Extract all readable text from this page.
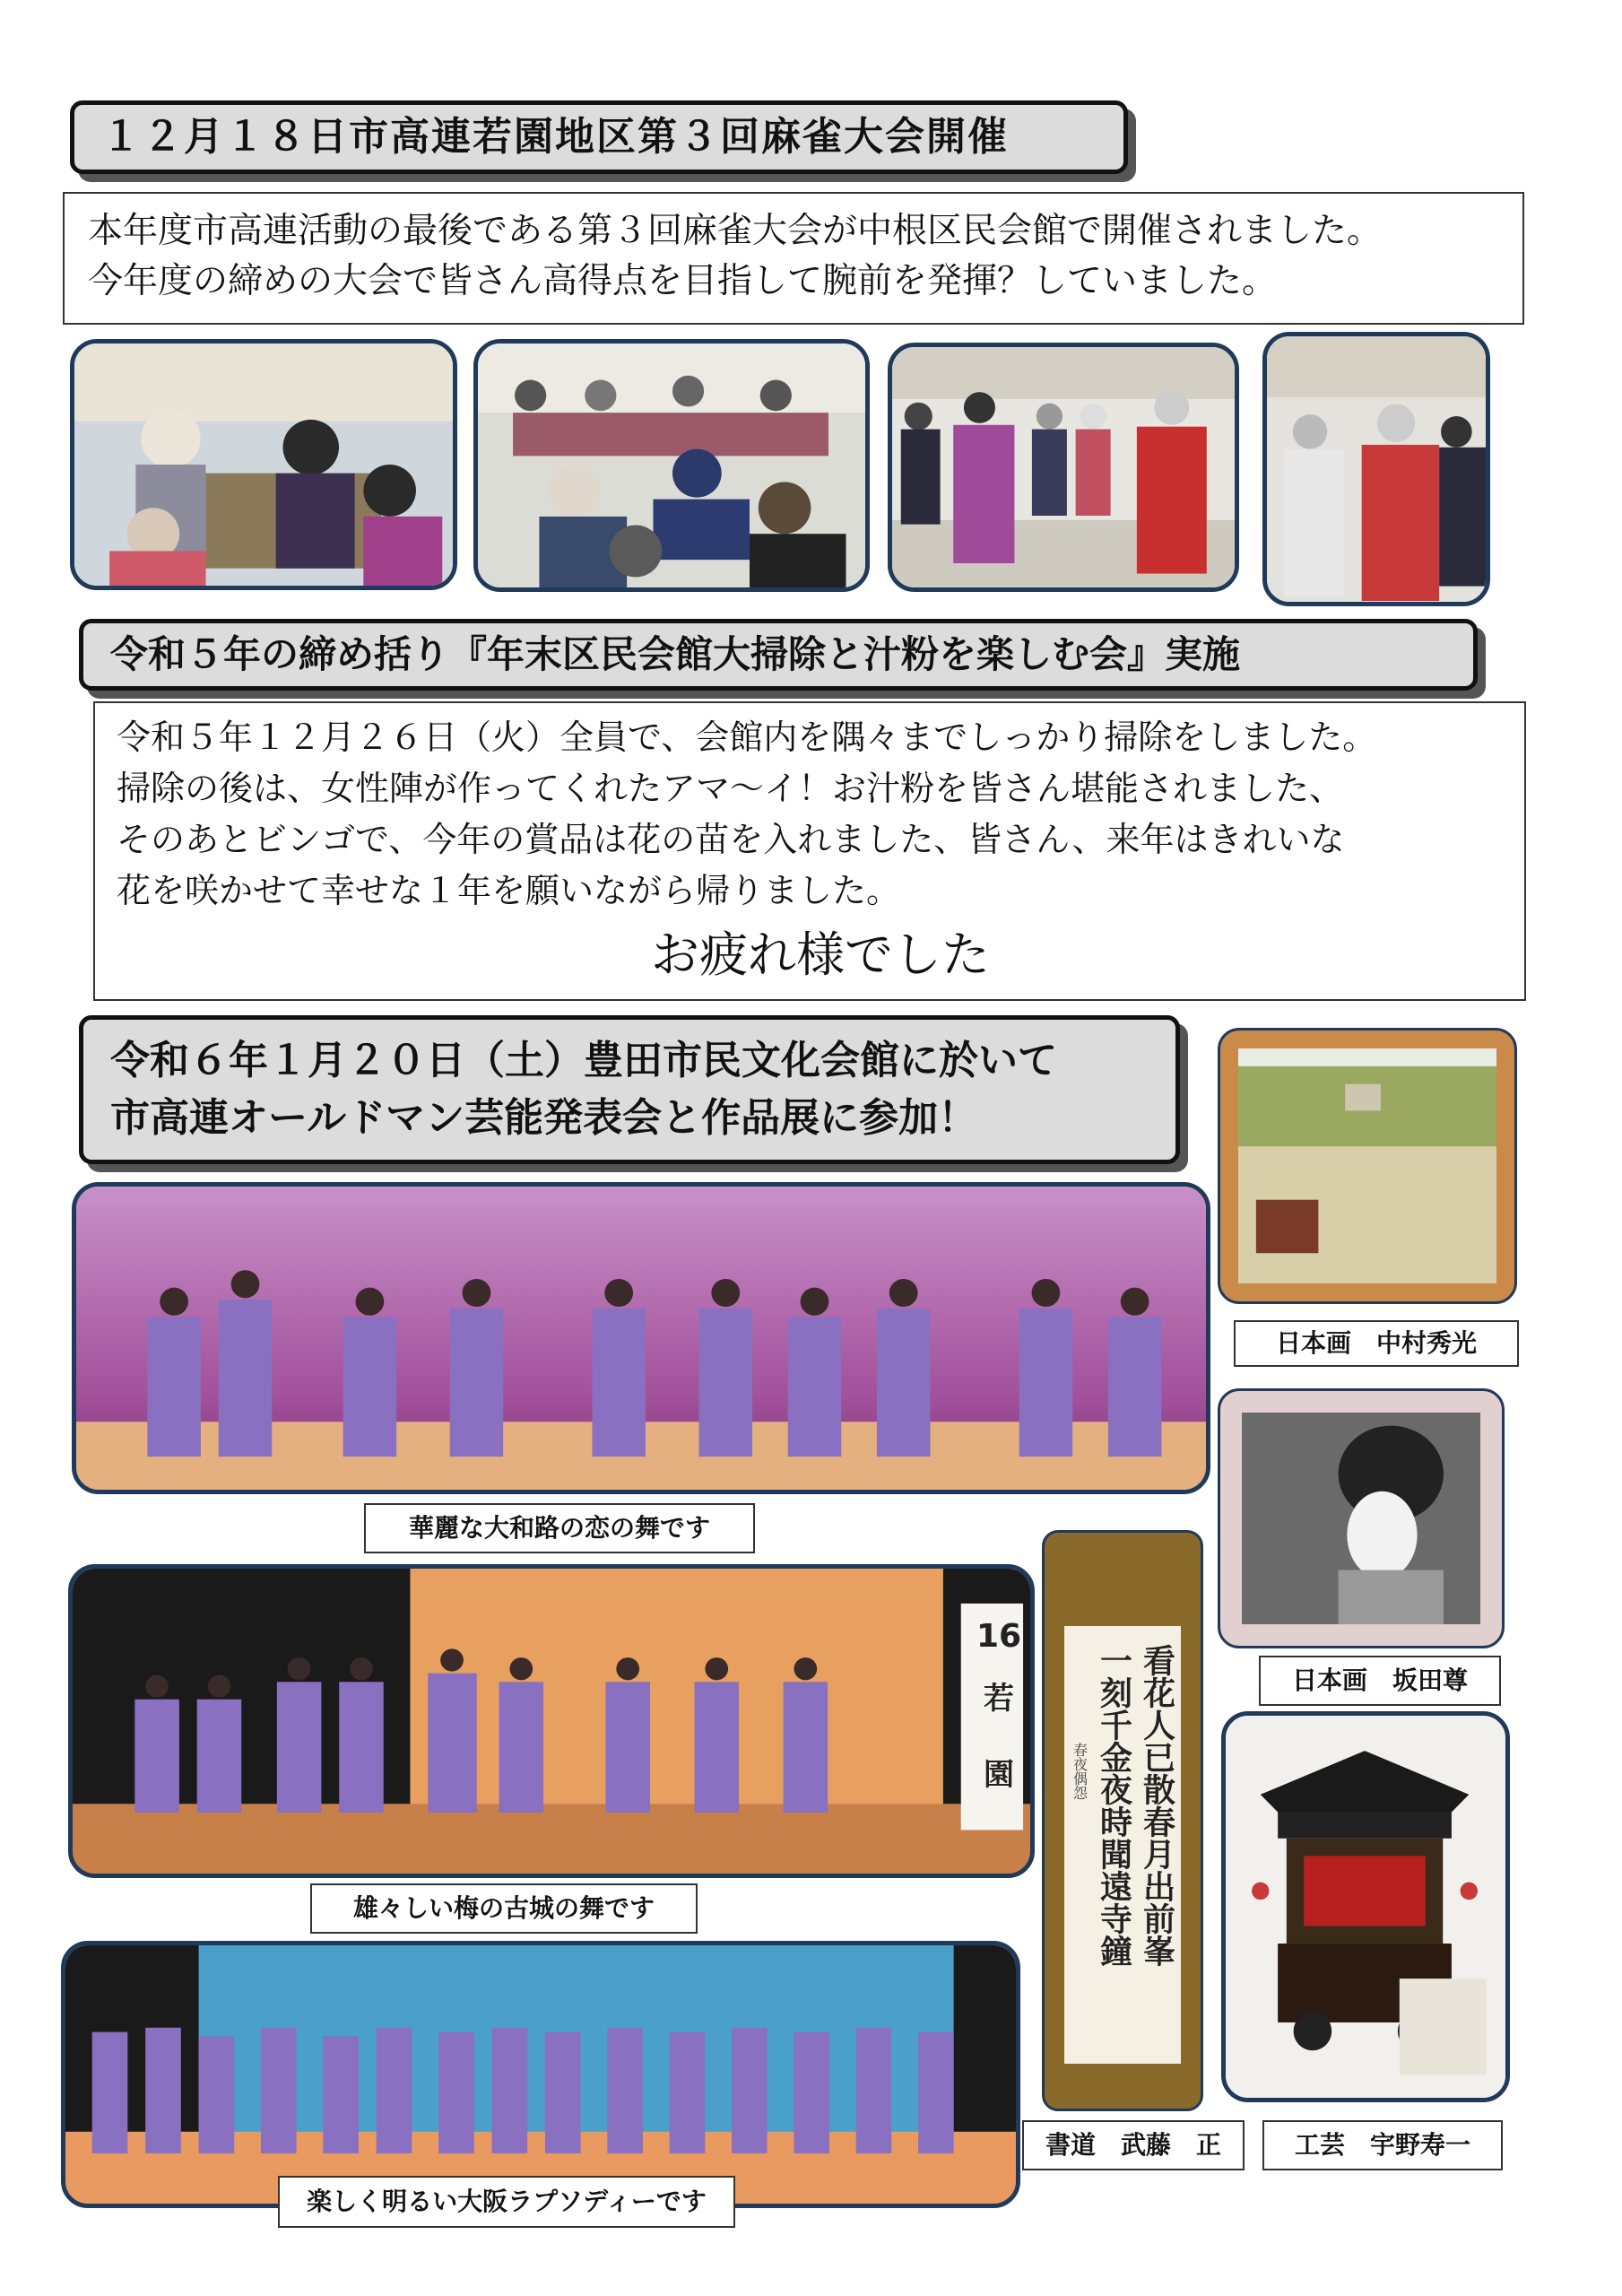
１２月１８日市高連若園地区第３回麻雀大会開催
本年度市高連活動の最後である第３回麻雀大会が中根区民会館で開催されました。
今年度の締めの大会で皆さん高得点を目指して腕前を発揮？していました。
令和５年の締め括り『年末区民会館大掃除と汁粉を楽しむ会』実施
令和５年１２月２６日（火）全員で、会館内を隅々までしっかり掃除をしました。
掃除の後は、女性陣が作ってくれたアマ～イ！お汁粉を皆さん堪能されました、
そのあとビンゴで、今年の賞品は花の苗を入れました、皆さん、来年はきれいな
花を咲かせて幸せな１年を願いながら帰りました。
お疲れ様でした
令和６年１月２０日（土）豊田市民文化会館に於いて
市高連オールドマン芸能発表会と作品展に参加！
華麗な大和路の恋の舞です
16
若
園
雄々しい梅の古城の舞です
楽しく明るい大阪ラプソディーです
日本画　中村秀光
日本画　坂田尊
看花人已散春月出前峯
一刻千金夜時聞遠寺鐘
春夜偶怨
書道　武藤　正	工芸　宇野寿一
